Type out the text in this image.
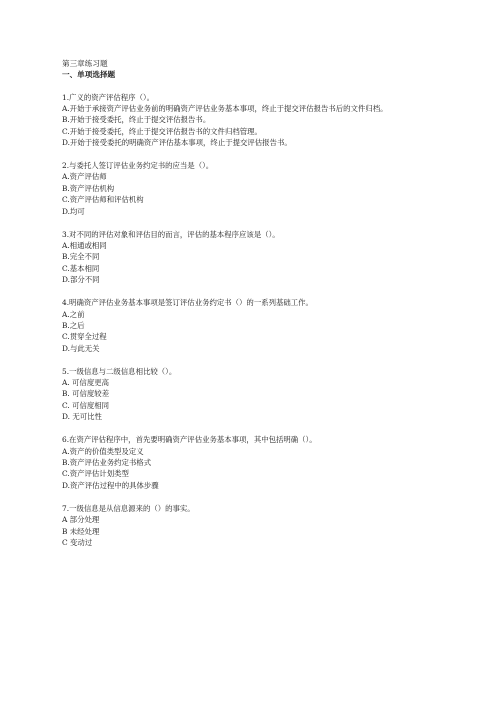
第三章练习题
一、单项选择题
1.广义的资产评估程序（）。
A.开始于承接资产评估业务前的明确资产评估业务基本事项，终止于提交评估报告书后的文件归档。
B.开始于接受委托，终止于提交评估报告书。
C.开始于接受委托，终止于提交评估报告书的文件归档管理。
D.开始于接受委托的明确资产评估基本事项，终止于提交评估报告书。
2.与委托人签订评估业务约定书的应当是（）。
A.资产评估师
B.资产评估机构
C.资产评估师和评估机构
D.均可
3.对不同的评估对象和评估目的而言，评估的基本程序应该是（）。
A.相通或相同
B.完全不同
C.基本相同
D.部分不同
4.明确资产评估业务基本事项是签订评估业务约定书（）的一系列基础工作。
A.之前
B.之后
C.贯穿全过程
D.与此无关
5.一级信息与二级信息相比较（）。
A. 可信度更高
B. 可信度较差
C. 可信度相同
D. 无可比性
6.在资产评估程序中，首先要明确资产评估业务基本事项，其中包括明确（）。
A.资产的价值类型及定义
B.资产评估业务约定书格式
C.资产评估计划类型
D.资产评估过程中的具体步骤
7.一级信息是从信息源来的（）的事实。
A 部分处理
B 未经处理
C 变动过
